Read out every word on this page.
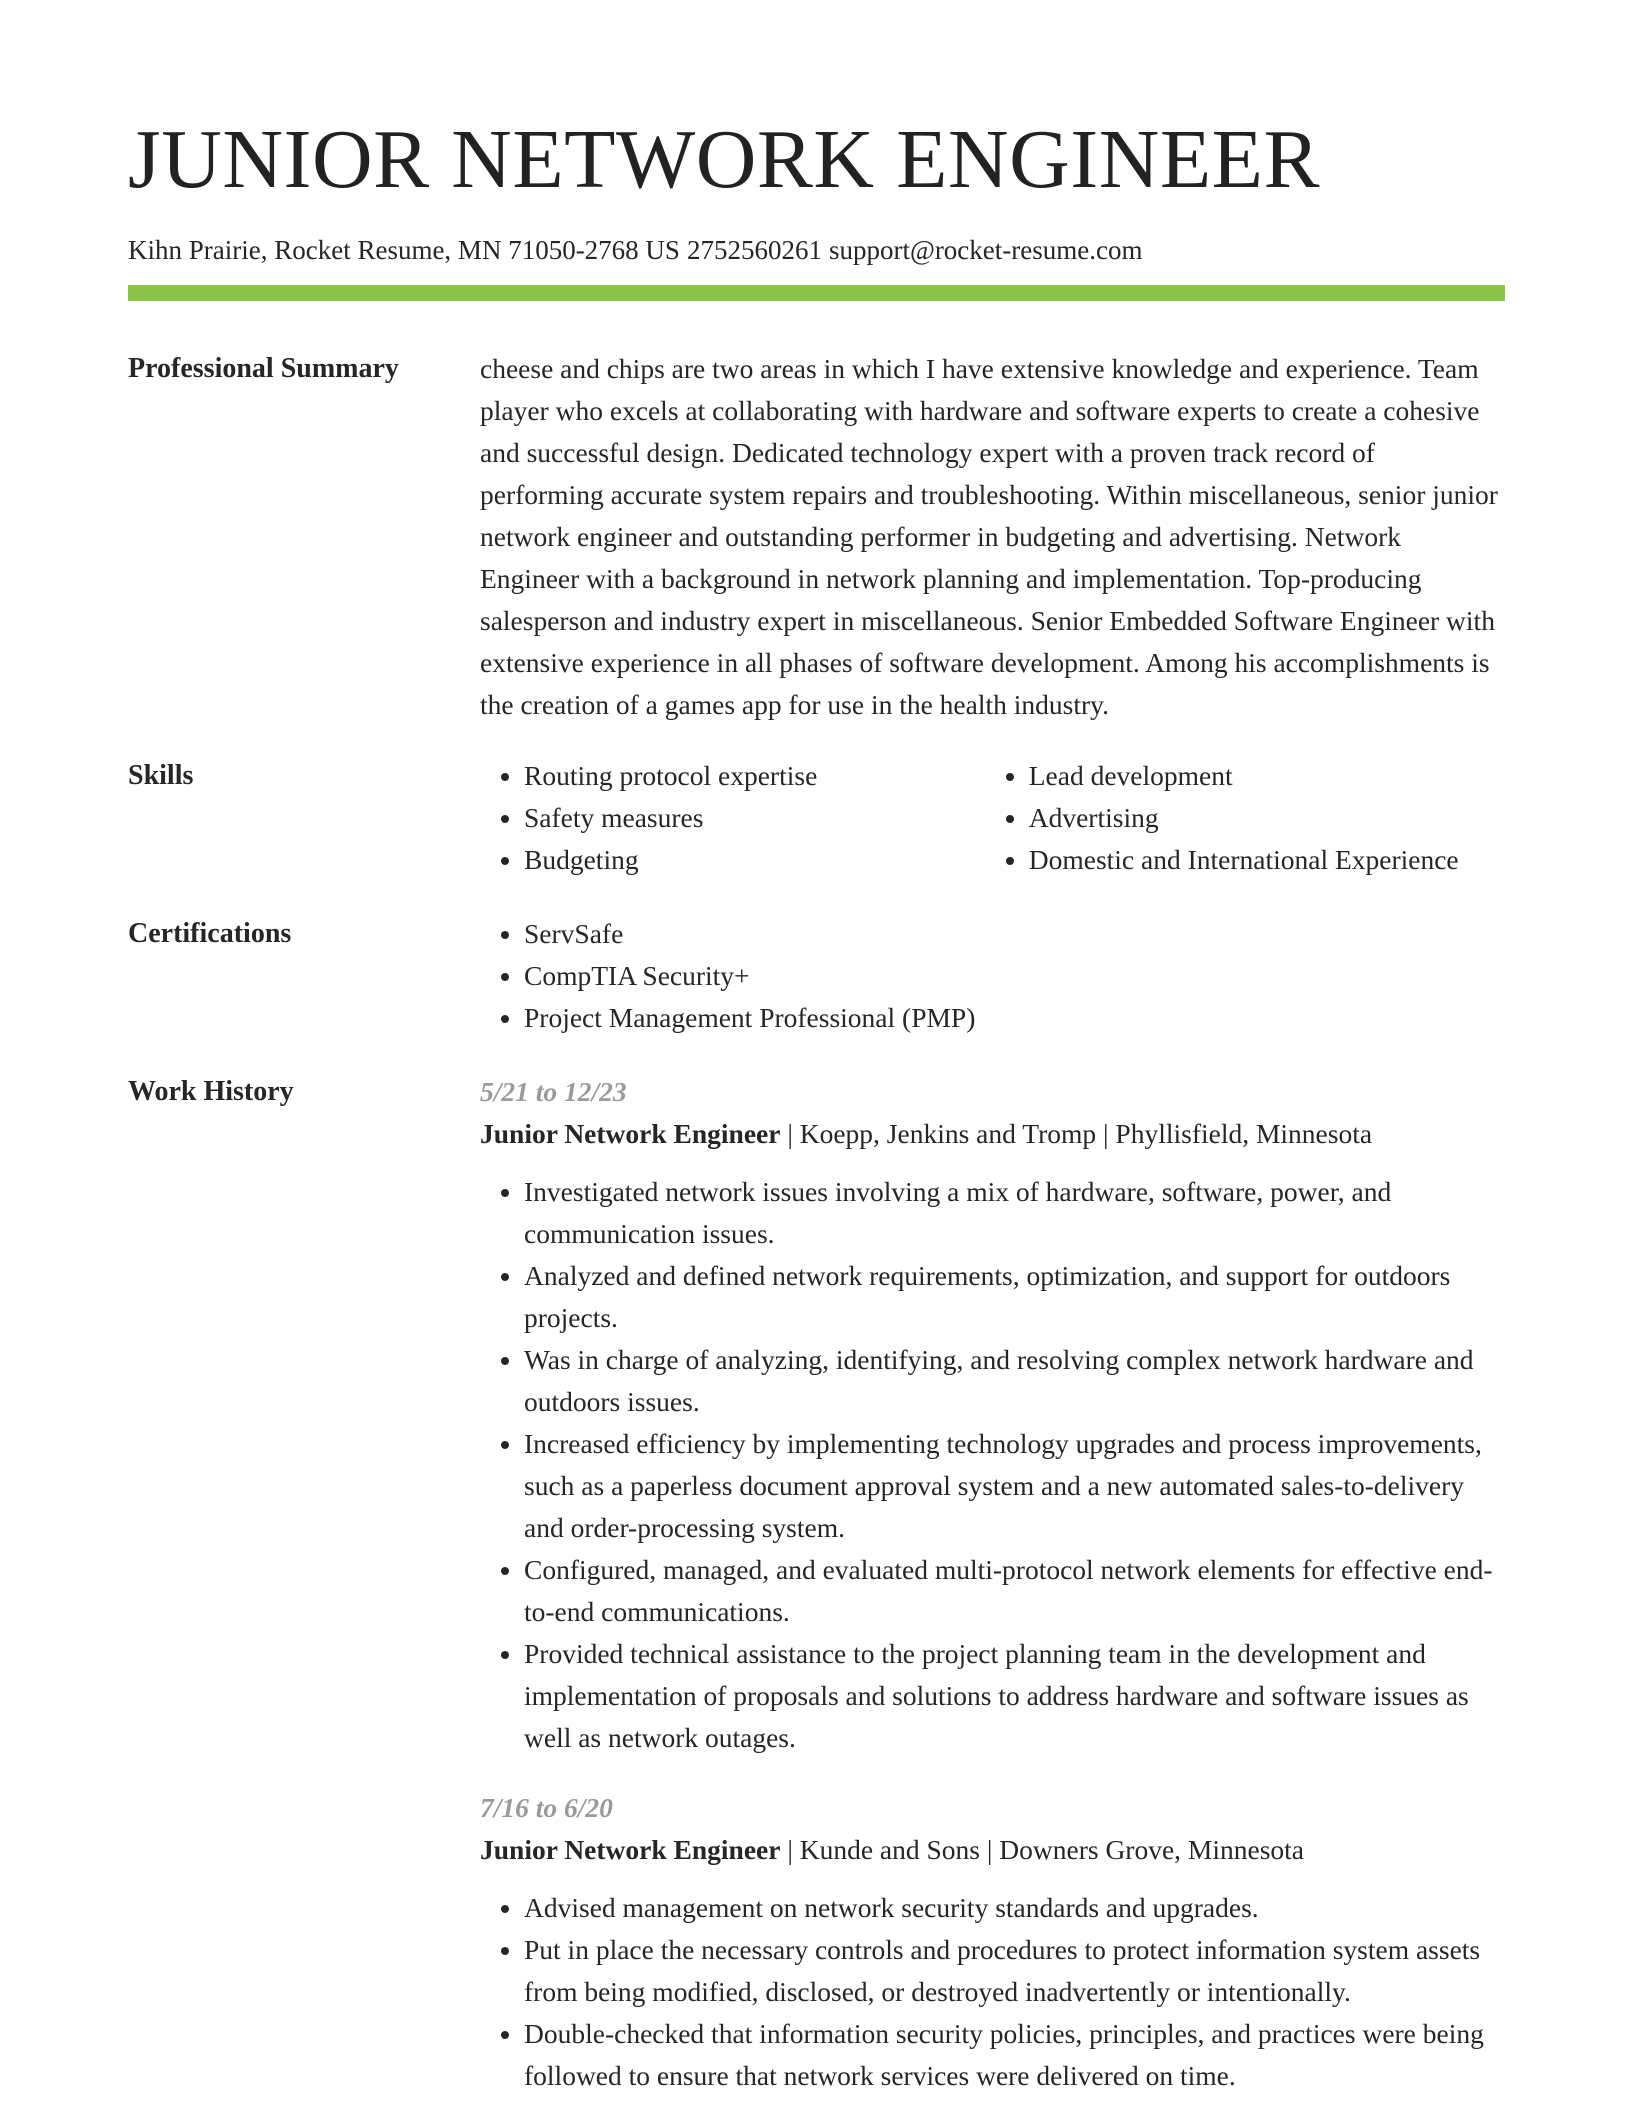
JUNIOR NETWORK ENGINEER
Kihn Prairie, Rocket Resume, MN 71050-2768 US 2752560261 support@rocket-resume.com
Professional Summary	cheese and chips are two areas in which I have extensive knowledge and experience. Team player who excels at collaborating with hardware and software experts to create a cohesive and successful design. Dedicated technology expert with a proven track record of performing accurate system repairs and troubleshooting. Within miscellaneous, senior junior network engineer and outstanding performer in budgeting and advertising. Network Engineer with a background in network planning and implementation. Top-producing salesperson and industry expert in miscellaneous. Senior Embedded Software Engineer with extensive experience in all phases of software development. Among his accomplishments is the creation of a games app for use in the health industry.

Skills	• Routing protocol expertise
• Safety measures
• Budgeting
• Lead development
• Advertising
• Domestic and International Experience
Certifications	• ServSafe
• CompTIA Security+
• Project Management Professional (PMP)
Work History	5/21 to 12/23
Junior Network Engineer | Koepp, Jenkins and Tromp | Phyllisfield, Minnesota
• Investigated network issues involving a mix of hardware, software, power, and communication issues.
• Analyzed and defined network requirements, optimization, and support for outdoors projects.
• Was in charge of analyzing, identifying, and resolving complex network hardware and outdoors issues.
• Increased efficiency by implementing technology upgrades and process improvements, such as a paperless document approval system and a new automated sales-to-delivery and order-processing system.
• Configured, managed, and evaluated multi-protocol network elements for effective end-to-end communications.
• Provided technical assistance to the project planning team in the development and implementation of proposals and solutions to address hardware and software issues as well as network outages.
7/16 to 6/20
Junior Network Engineer | Kunde and Sons | Downers Grove, Minnesota
• Advised management on network security standards and upgrades.
• Put in place the necessary controls and procedures to protect information system assets from being modified, disclosed, or destroyed inadvertently or intentionally.
• Double-checked that information security policies, principles, and practices were being followed to ensure that network services were delivered on time.
